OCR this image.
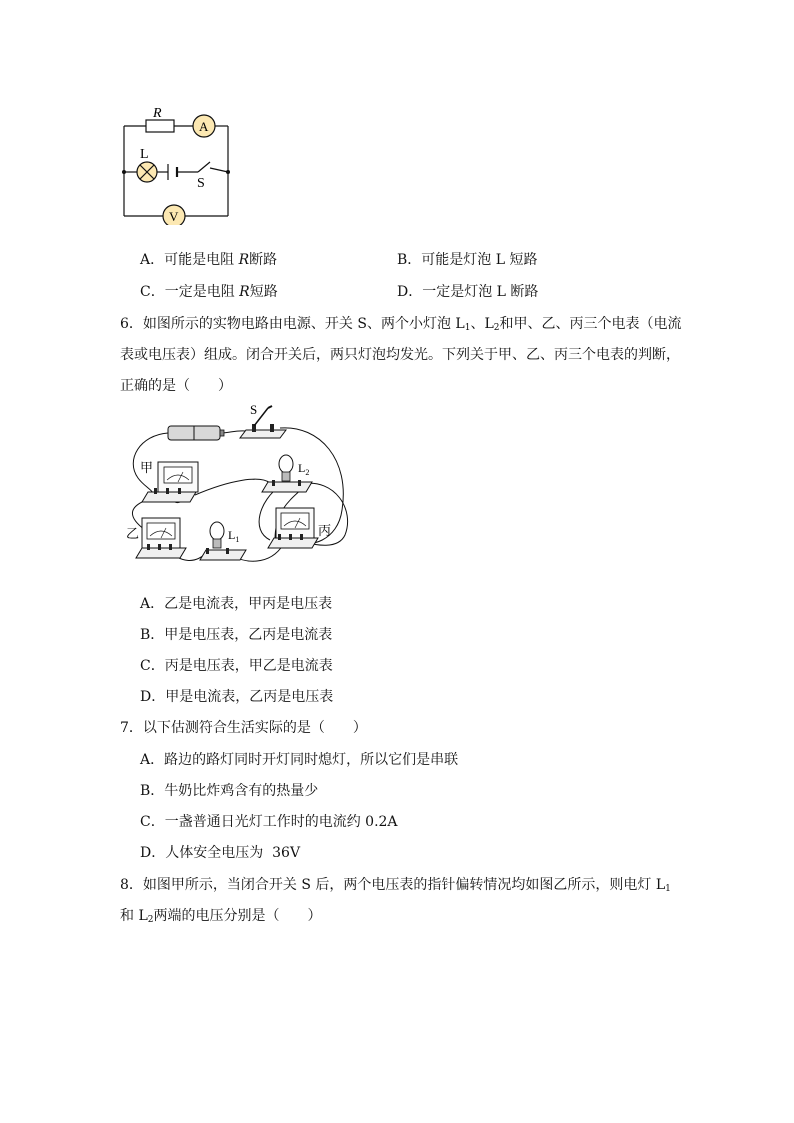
R
A
L
S
V
A．可能是电阻 R断路	B．可能是灯泡 L 短路
C．一定是电阻 R短路	D．一定是灯泡 L 断路
6．如图所示的实物电路由电源、开关 S、两个小灯泡 $L_1$、$L_2$和甲、乙、丙三个电表（电流
表或电压表）组成。闭合开关后，两只灯泡均发光。下列关于甲、乙、丙三个电表的判断，
正确的是（　　）
S
甲
乙	丙
$L_2$
$L_1$
A．乙是电流表，甲丙是电压表
B．甲是电压表，乙丙是电流表
C．丙是电压表，甲乙是电流表
D．甲是电流表，乙丙是电压表
7．以下估测符合生活实际的是（　　）
A．路边的路灯同时开灯同时熄灯，所以它们是串联
B．牛奶比炸鸡含有的热量少
C．一盏普通日光灯工作时的电流约 0.2A
D．人体安全电压为  36V
8．如图甲所示，当闭合开关 S 后，两个电压表的指针偏转情况均如图乙所示，则电灯 $L_1$
和 $L_2$两端的电压分别是（　　）
